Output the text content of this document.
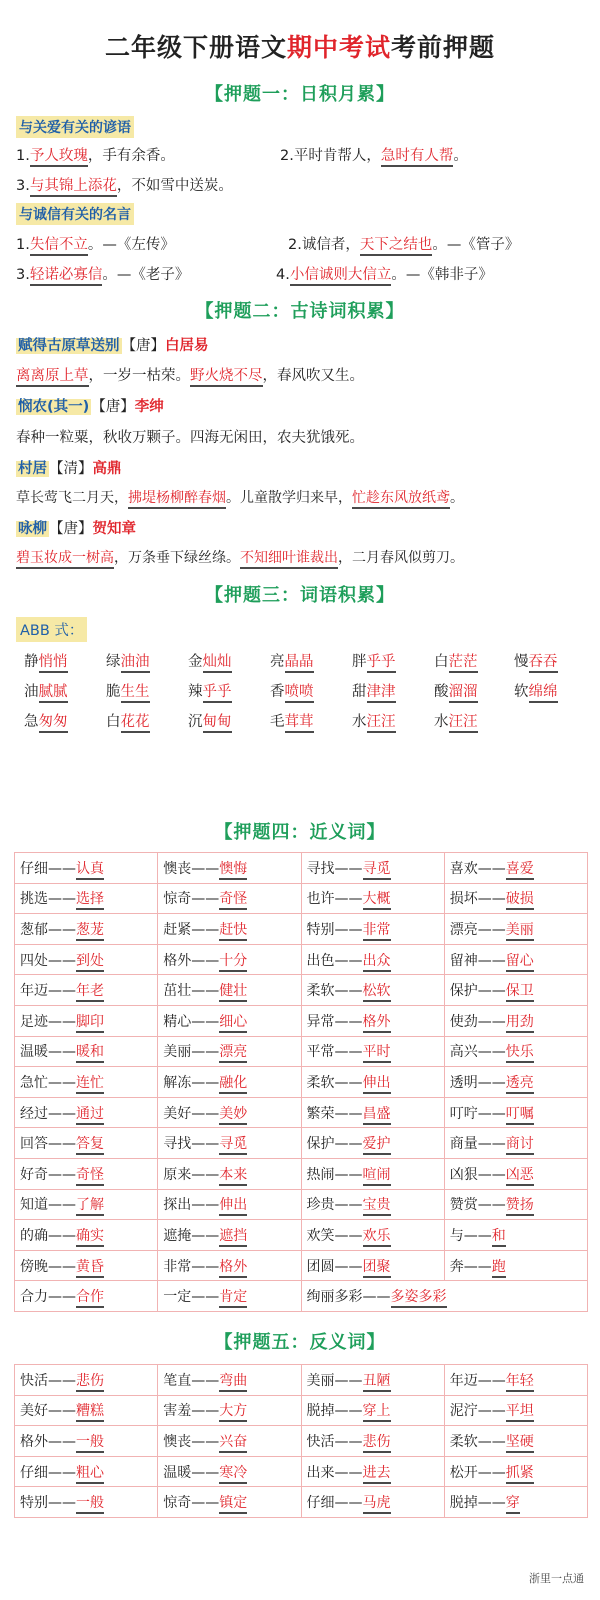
二年级下册语文期中考试考前押题
【押题一：日积月累】
与关爱有关的谚语
1.予人玫瑰，手有余香。	2.平时肯帮人，急时有人帮。
3.与其锦上添花，不如雪中送炭。
与诚信有关的名言
1.失信不立。—《左传》	2.诚信者，天下之结也。—《管子》
3.轻诺必寡信。—《老子》	4.小信诚则大信立。—《韩非子》
【押题二：古诗词积累】
赋得古原草送别 【唐】白居易
离离原上草，一岁一枯荣。野火烧不尽，春风吹又生。
悯农(其一) 【唐】李绅
春种一粒粟，秋收万颗子。四海无闲田，农夫犹饿死。
村居 【清】高鼎
草长莺飞二月天，拂堤杨柳醉春烟。儿童散学归来早，忙趁东风放纸鸢。
咏柳 【唐】贺知章
碧玉妆成一树高，万条垂下绿丝绦。不知细叶谁裁出，二月春风似剪刀。
【押题三：词语积累】
ABB 式：
静悄悄	绿油油	金灿灿	亮晶晶	胖乎乎	白茫茫	慢吞吞
油腻腻	脆生生	辣乎乎	香喷喷	甜津津	酸溜溜	软绵绵
急匆匆	白花花	沉甸甸	毛茸茸	水汪汪	水汪汪
【押题四：近义词】
仔细——认真	懊丧——懊悔	寻找——寻觅	喜欢——喜爱
挑选——选择	惊奇——奇怪	也许——大概	损坏——破损
葱郁——葱茏	赶紧——赶快	特别——非常	漂亮——美丽
四处——到处	格外——十分	出色——出众	留神——留心
年迈——年老	茁壮——健壮	柔软——松软	保护——保卫
足迹——脚印	精心——细心	异常——格外	使劲——用劲
温暖——暖和	美丽——漂亮	平常——平时	高兴——快乐
急忙——连忙	解冻——融化	柔软——伸出	透明——透亮
经过——通过	美好——美妙	繁荣——昌盛	叮咛——叮嘱
回答——答复	寻找——寻觅	保护——爱护	商量——商讨
好奇——奇怪	原来——本来	热闹——喧闹	凶狠——凶恶
知道——了解	探出——伸出	珍贵——宝贵	赞赏——赞扬
的确——确实	遮掩——遮挡	欢笑——欢乐	与——和
傍晚——黄昏	非常——格外	团圆——团聚	奔——跑
合力——合作	一定——肯定	绚丽多彩——多姿多彩	
【押题五：反义词】
快活——悲伤	笔直——弯曲	美丽——丑陋	年迈——年轻
美好——糟糕	害羞——大方	脱掉——穿上	泥泞——平坦
格外——一般	懊丧——兴奋	快活——悲伤	柔软——坚硬
仔细——粗心	温暖——寒冷	出来——进去	松开——抓紧
特别——一般	惊奇——镇定	仔细——马虎	脱掉——穿
浙里一点通
